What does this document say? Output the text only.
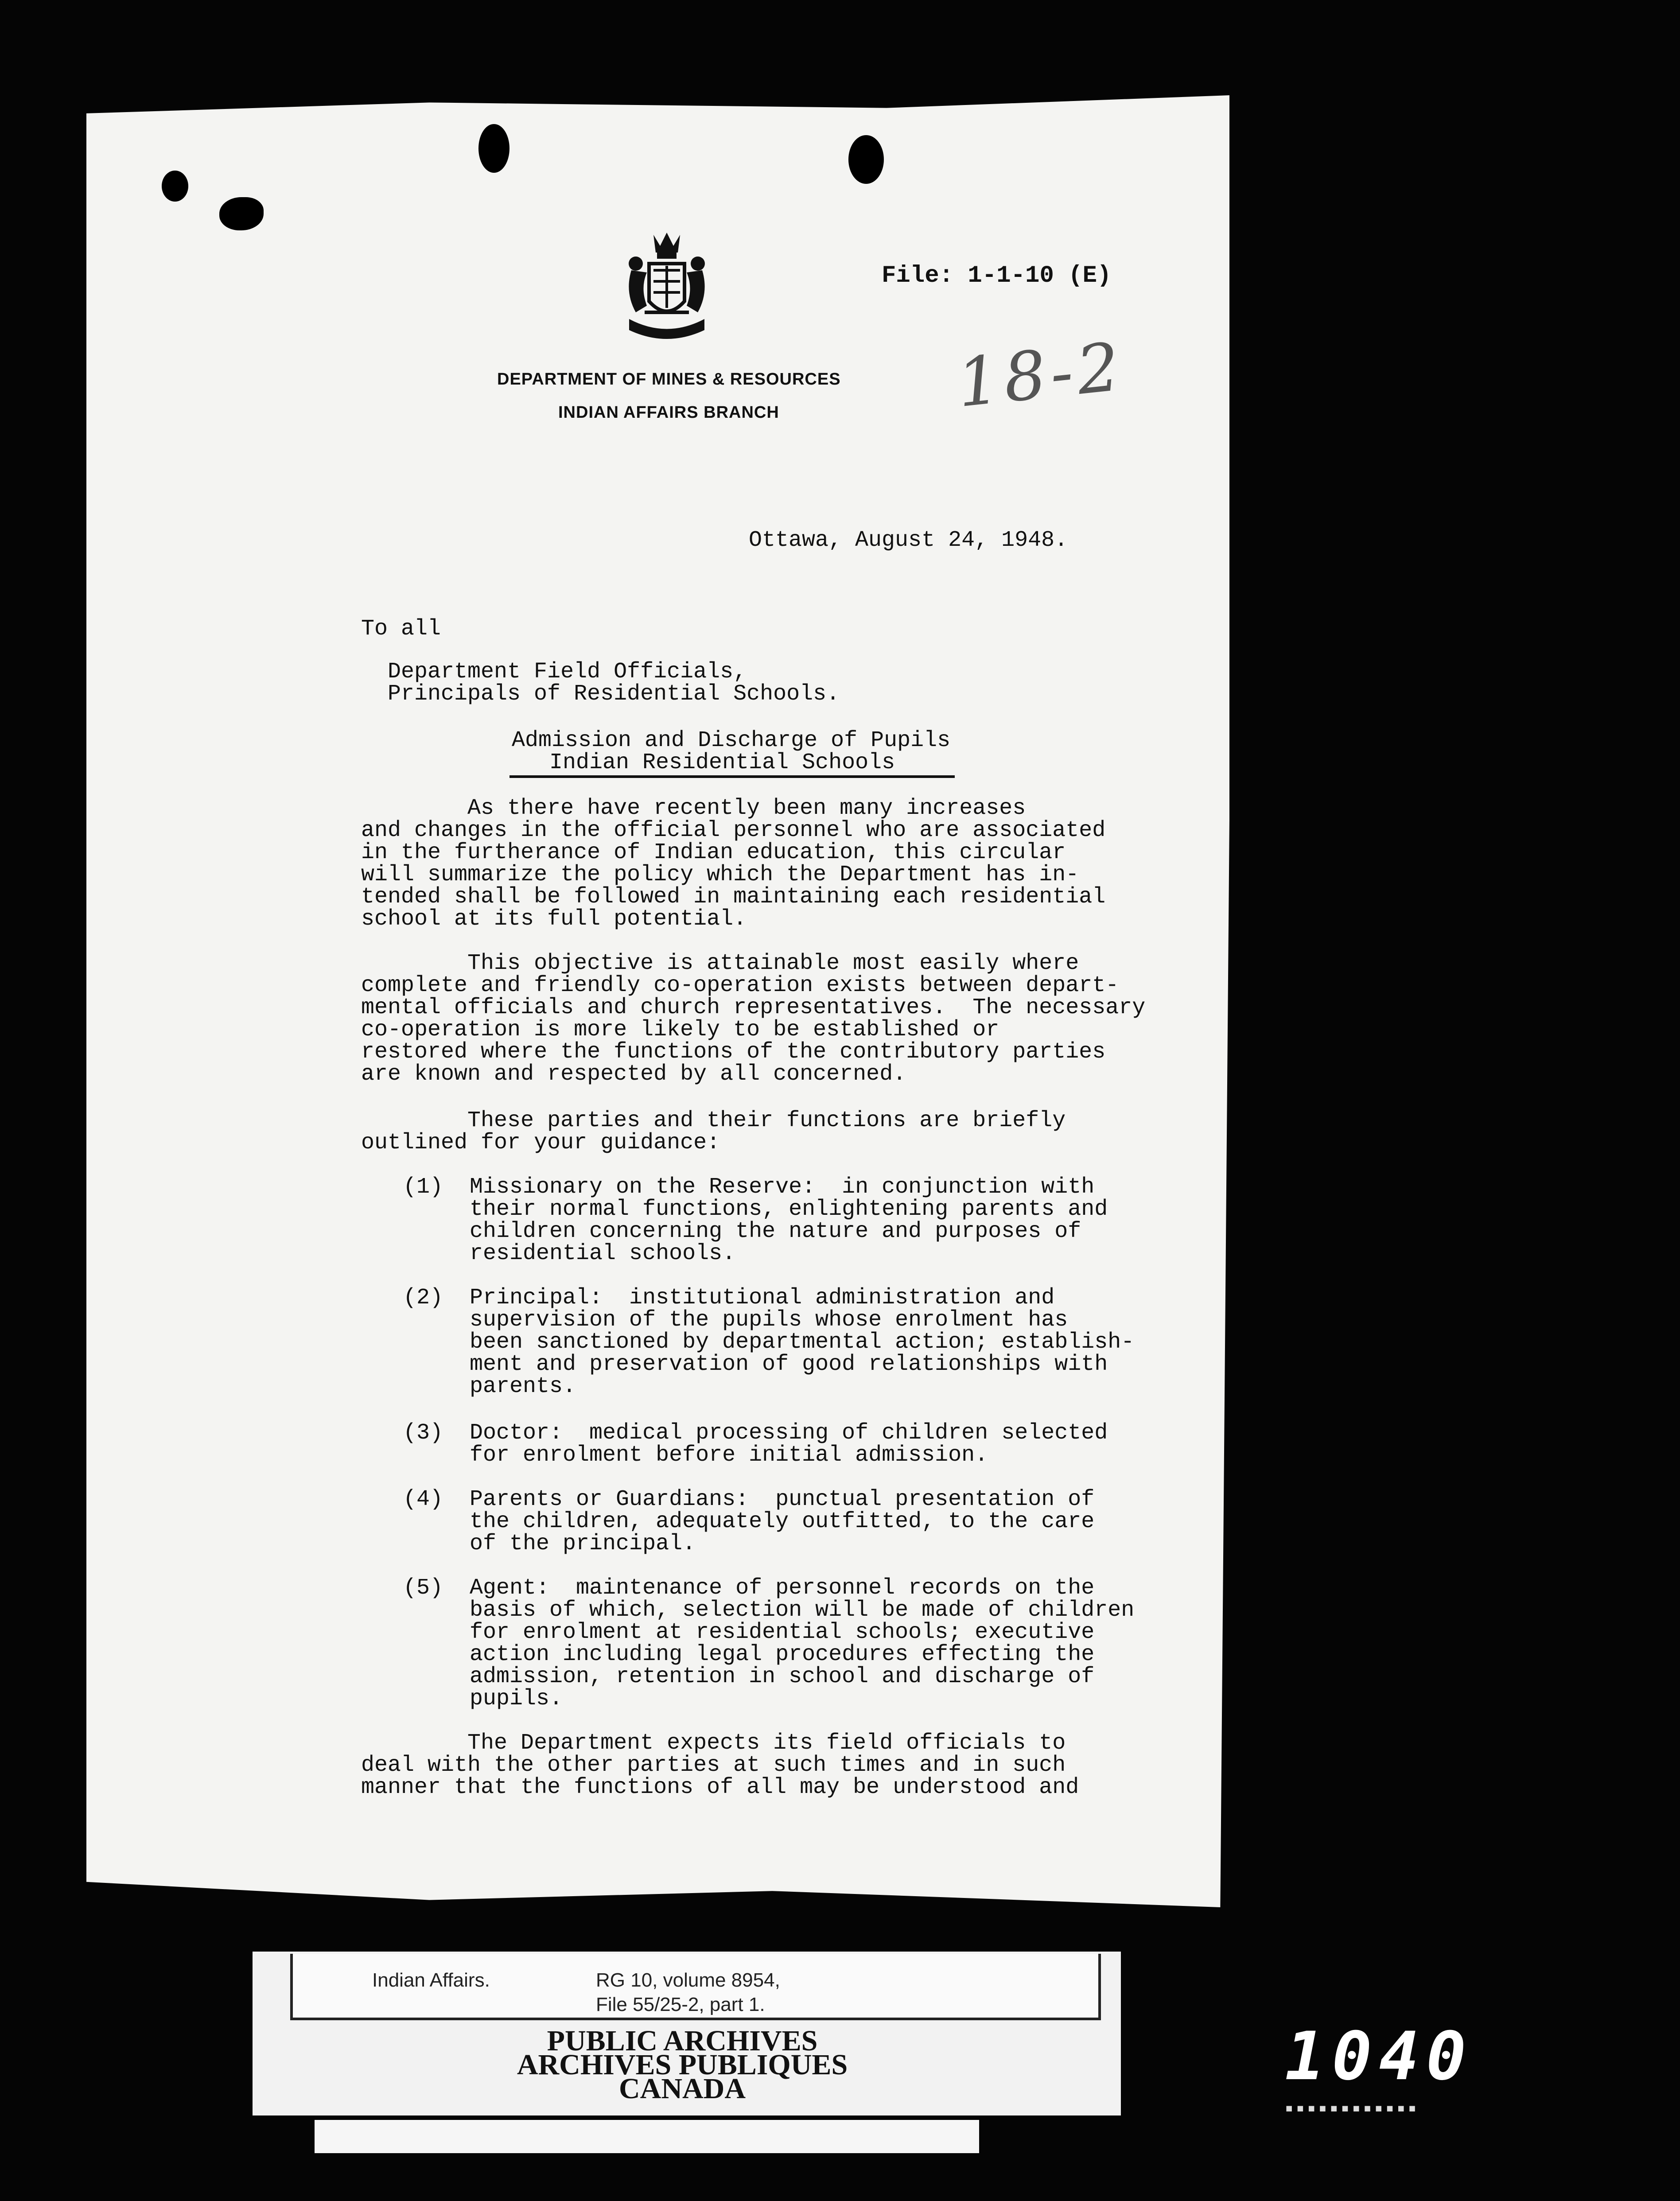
File: 1-1-10 (E)
DEPARTMENT OF MINES & RESOURCES
INDIAN AFFAIRS BRANCH	18-2
Ottawa, August 24, 1948.
To all
Department Field Officials,
Principals of Residential Schools.
Admission and Discharge of Pupils
Indian Residential Schools
As there have recently been many increases
and changes in the official personnel who are associated
in the furtherance of Indian education, this circular
will summarize the policy which the Department has in-
tended shall be followed in maintaining each residential
school at its full potential.
This objective is attainable most easily where
complete and friendly co-operation exists between depart-
mental officials and church representatives.  The necessary
co-operation is more likely to be established or
restored where the functions of the contributory parties
are known and respected by all concerned.
These parties and their functions are briefly
outlined for your guidance:
(1) Missionary on the Reserve:  in conjunction with
their normal functions, enlightening parents and
children concerning the nature and purposes of
residential schools.
(2) Principal:  institutional administration and
supervision of the pupils whose enrolment has
been sanctioned by departmental action; establish-
ment and preservation of good relationships with
parents.
(3) Doctor:  medical processing of children selected
for enrolment before initial admission.
(4) Parents or Guardians:  punctual presentation of
the children, adequately outfitted, to the care
of the principal.
(5) Agent:  maintenance of personnel records on the
basis of which, selection will be made of children
for enrolment at residential schools; executive
action including legal procedures effecting the
admission, retention in school and discharge of
pupils.
The Department expects its field officials to
deal with the other parties at such times and in such
manner that the functions of all may be understood and
Indian Affairs.	RG 10, volume 8954,
File 55/25-2, part 1.
PUBLIC ARCHIVES
ARCHIVES PUBLIQUES
CANADA	1040
▪▪▪▪▪▪▪▪▪▪▪▪
